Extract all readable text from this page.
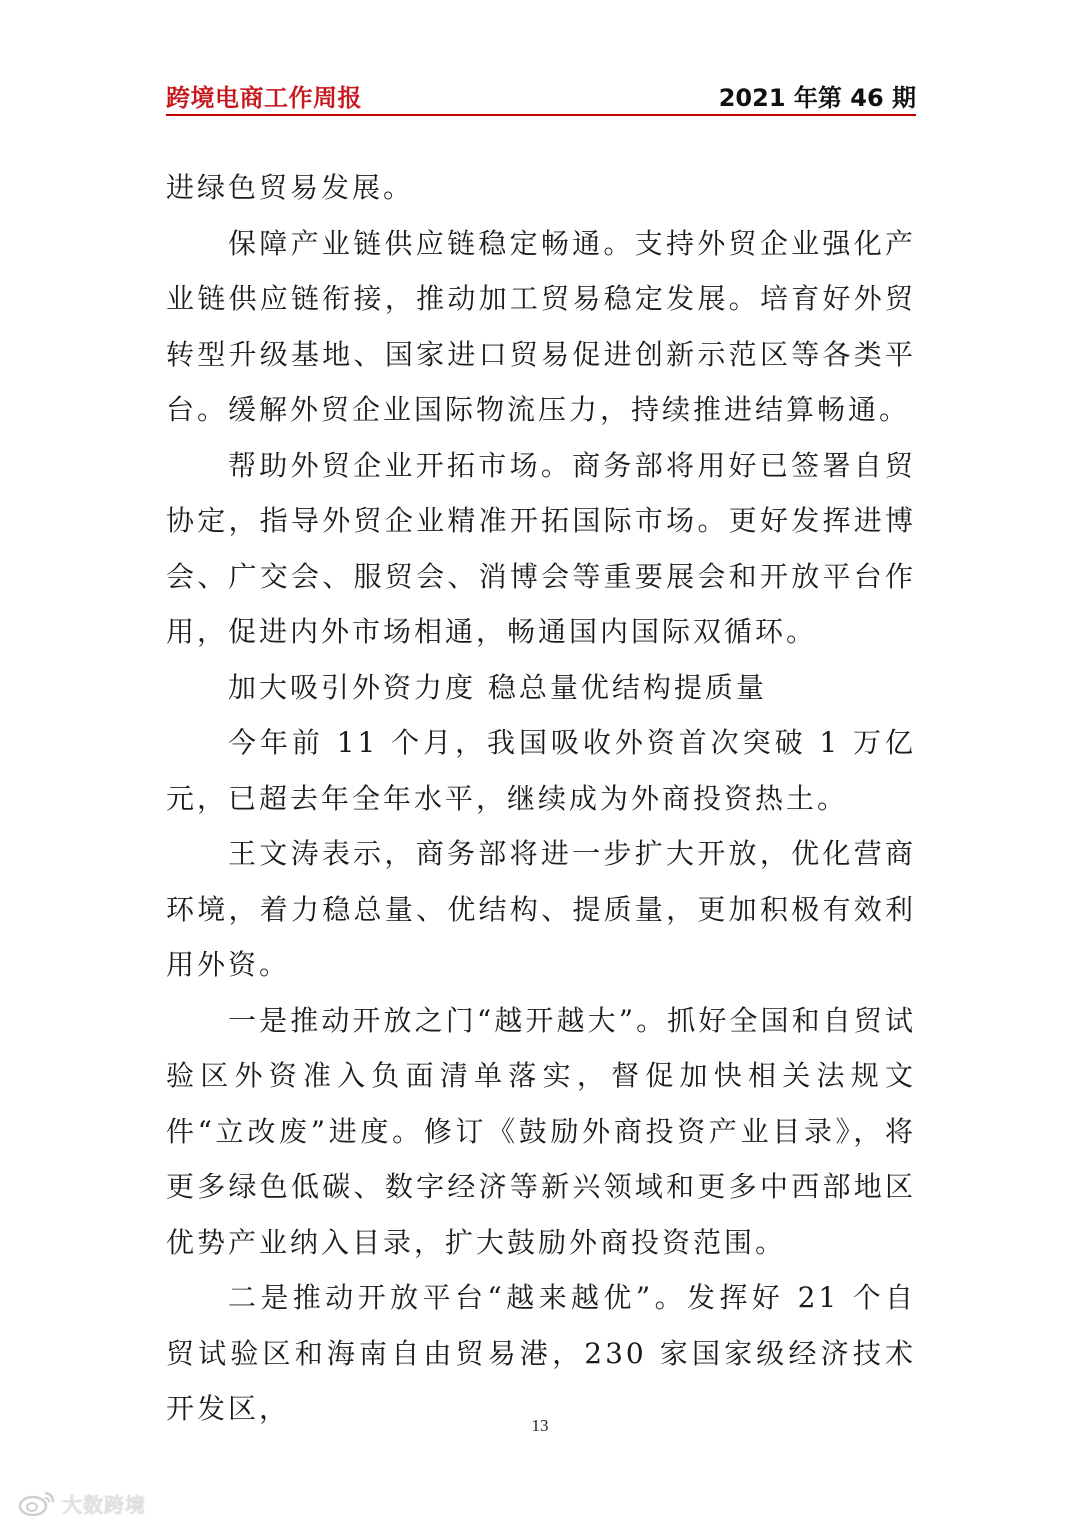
跨境电商工作周报	2021 年第 46 期

进绿色贸易发展。

保障产业链供应链稳定畅通。支持外贸企业强化产业链供应链衔接，推动加工贸易稳定发展。培育好外贸转型升级基地、国家进口贸易促进创新示范区等各类平台。缓解外贸企业国际物流压力，持续推进结算畅通。

帮助外贸企业开拓市场。商务部将用好已签署自贸协定，指导外贸企业精准开拓国际市场。更好发挥进博会、广交会、服贸会、消博会等重要展会和开放平台作用，促进内外市场相通，畅通国内国际双循环。

加大吸引外资力度 稳总量优结构提质量

今年前 11 个月，我国吸收外资首次突破 1 万亿元，已超去年全年水平，继续成为外商投资热土。

王文涛表示，商务部将进一步扩大开放，优化营商环境，着力稳总量、优结构、提质量，更加积极有效利用外资。

一是推动开放之门“越开越大”。抓好全国和自贸试验区外资准入负面清单落实，督促加快相关法规文件“立改废”进度。修订《鼓励外商投资产业目录》，将更多绿色低碳、数字经济等新兴领域和更多中西部地区优势产业纳入目录，扩大鼓励外商投资范围。

二是推动开放平台“越来越优”。发挥好 21 个自贸试验区和海南自由贸易港，230 家国家级经济技术开发区，

13
大数跨境
